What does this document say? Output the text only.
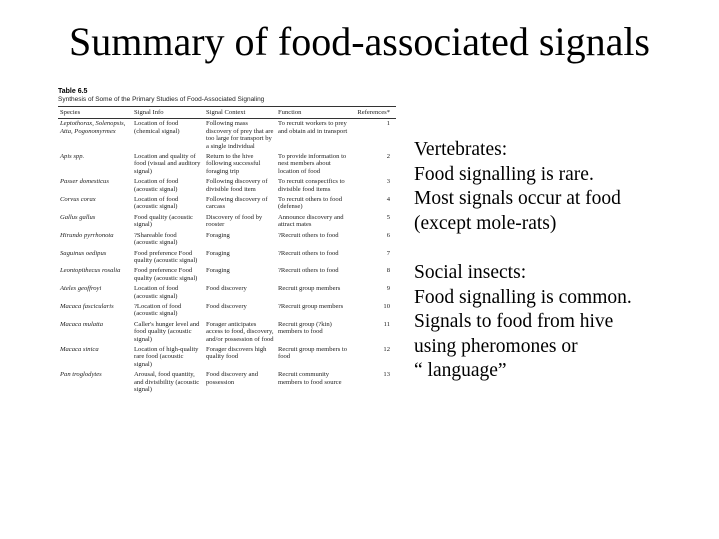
Summary of food-associated signals
Table 6.5
Synthesis of Some of the Primary Studies of Food-Associated Signaling
Species	Signal Info	Signal Context	Function	References*
Leptothorax, Solenopsis, Atta, Pogonomyrmex	Location of food (chemical signal)	Following mass discovery of prey that are too large for transport by a single individual	To recruit workers to prey and obtain aid in transport	1
Apis spp.	Location and quality of food (visual and auditory signal)	Return to the hive following successful foraging trip	To provide information to nest members about location of food	2
Passer domesticus	Location of food (acoustic signal)	Following discovery of divisible food item	To recruit conspecifics to divisible food items	3
Corvus corax	Location of food (acoustic signal)	Following discovery of carcass	To recruit others to food (defense)	4
Gallus gallus	Food quality (acoustic signal)	Discovery of food by rooster	Announce discovery and attract mates	5
Hirundo pyrrhonota	?Shareable food (acoustic signal)	Foraging	?Recruit others to food	6
Saguinus oedipus	Food preference Food quality (acoustic signal)	Foraging	?Recruit others to food	7
Leontopithecus rosalia	Food preference Food quality (acoustic signal)	Foraging	?Recruit others to food	8
Ateles geoffroyi	Location of food (acoustic signal)	Food discovery	Recruit group members	9
Macaca fascicularis	?Location of food (acoustic signal)	Food discovery	?Recruit group members	10
Macaca mulatta	Caller's hunger level and food quality (acoustic signal)	Forager anticipates access to food, discovery, and/or possession of food	Recruit group (?kin) members to food	11
Macaca sinica	Location of high-quality rare food (acoustic signal)	Forager discovers high quality food	Recruit group members to food	12
Pan troglodytes	Arousal, food quantity, and divisibility (acoustic signal)	Food discovery and possession	Recruit community members to food source	13
Vertebrates:
Food signalling is rare.
Most signals occur at food
(except mole-rats)
Social insects:
Food signalling is common.
Signals to food from hive
using pheromones or
“ language”
